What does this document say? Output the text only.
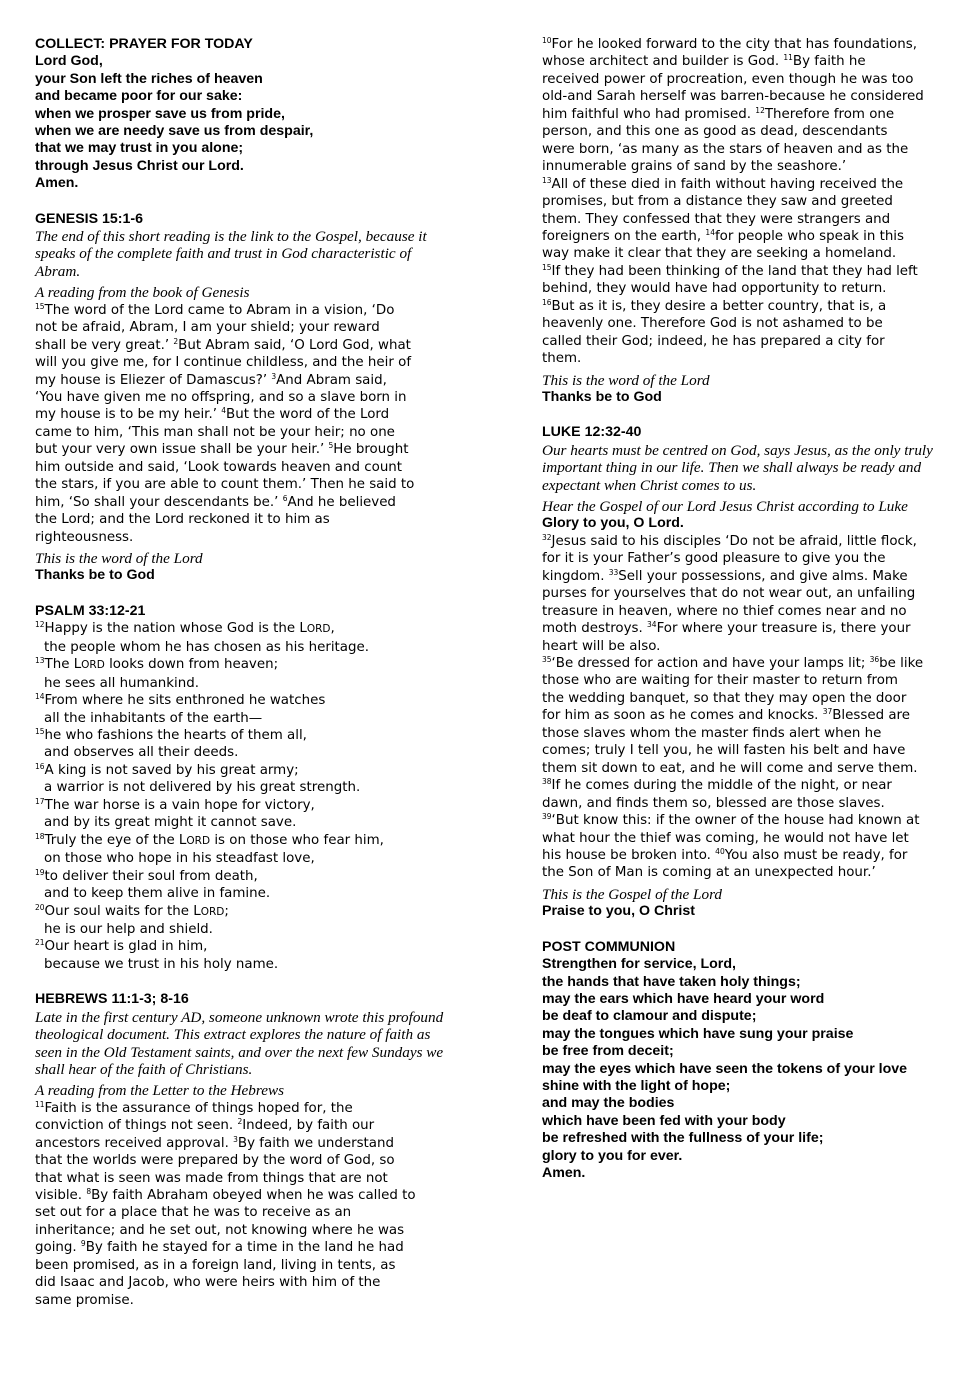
COLLECT: PRAYER FOR TODAY

Lord God,

your Son left the riches of heaven

and became poor for our sake:

when we prosper save us from pride,

when we are needy save us from despair,

that we may trust in you alone;

through Jesus Christ our Lord.

Amen.

GENESIS 15:1-6

The end of this short reading is the link to the Gospel, because it speaks of the complete faith and trust in God characteristic of Abram.

A reading from the book of Genesis

$^{15}$The word of the Lord came to Abram in a vision, ‘Do
not be afraid, Abram, I am your shield; your reward
shall be very great.’ $^2$But Abram said, ‘O Lord God, what
will you give me, for I continue childless, and the heir of
my house is Eliezer of Damascus?’ $^3$And Abram said,
‘You have given me no offspring, and so a slave born in
my house is to be my heir.’ $^4$But the word of the Lord
came to him, ‘This man shall not be your heir; no one
but your very own issue shall be your heir.’ $^5$He brought
him outside and said, ‘Look towards heaven and count
the stars, if you are able to count them.’ Then he said to
him, ‘So shall your descendants be.’ $^6$And he believed
the Lord; and the Lord reckoned it to him as
righteousness.

This is the word of the Lord

Thanks be to God

PSALM 33:12-21

$^{12}$Happy is the nation whose God is the LORD,
the people whom he has chosen as his heritage.
$^{13}$The LORD looks down from heaven;
he sees all humankind.
$^{14}$From where he sits enthroned he watches
all the inhabitants of the earth—
$^{15}$he who fashions the hearts of them all,
and observes all their deeds.
$^{16}$A king is not saved by his great army;
a warrior is not delivered by his great strength.
$^{17}$The war horse is a vain hope for victory,
and by its great might it cannot save.
$^{18}$Truly the eye of the LORD is on those who fear him,
on those who hope in his steadfast love,
$^{19}$to deliver their soul from death,
and to keep them alive in famine.
$^{20}$Our soul waits for the LORD;
he is our help and shield.
$^{21}$Our heart is glad in him,
because we trust in his holy name.

HEBREWS 11:1-3; 8-16

Late in the first century AD, someone unknown wrote this profound theological document. This extract explores the nature of faith as seen in the Old Testament saints, and over the next few Sundays we shall hear of the faith of Christians.

A reading from the Letter to the Hebrews

$^{11}$Faith is the assurance of things hoped for, the
conviction of things not seen. $^2$Indeed, by faith our
ancestors received approval. $^3$By faith we understand
that the worlds were prepared by the word of God, so
that what is seen was made from things that are not
visible. $^8$By faith Abraham obeyed when he was called to
set out for a place that he was to receive as an
inheritance; and he set out, not knowing where he was
going. $^9$By faith he stayed for a time in the land he had
been promised, as in a foreign land, living in tents, as
did Isaac and Jacob, who were heirs with him of the
same promise.
$^{10}$For he looked forward to the city that has foundations,
whose architect and builder is God. $^{11}$By faith he
received power of procreation, even though he was too
old-and Sarah herself was barren-because he considered
him faithful who had promised. $^{12}$Therefore from one
person, and this one as good as dead, descendants
were born, ‘as many as the stars of heaven and as the
innumerable grains of sand by the seashore.’
$^{13}$All of these died in faith without having received the
promises, but from a distance they saw and greeted
them. They confessed that they were strangers and
foreigners on the earth, $^{14}$for people who speak in this
way make it clear that they are seeking a homeland.
$^{15}$If they had been thinking of the land that they had left
behind, they would have had opportunity to return.
$^{16}$But as it is, they desire a better country, that is, a
heavenly one. Therefore God is not ashamed to be
called their God; indeed, he has prepared a city for
them.

This is the word of the Lord

Thanks be to God

LUKE 12:32-40

Our hearts must be centred on God, says Jesus, as the only truly important thing in our life. Then we shall always be ready and expectant when Christ comes to us.

Hear the Gospel of our Lord Jesus Christ according to Luke

Glory to you, O Lord.

$^{32}$Jesus said to his disciples ‘Do not be afraid, little flock,
for it is your Father’s good pleasure to give you the
kingdom. $^{33}$Sell your possessions, and give alms. Make
purses for yourselves that do not wear out, an unfailing
treasure in heaven, where no thief comes near and no
moth destroys. $^{34}$For where your treasure is, there your
heart will be also.
$^{35}$‘Be dressed for action and have your lamps lit; $^{36}$be like
those who are waiting for their master to return from
the wedding banquet, so that they may open the door
for him as soon as he comes and knocks. $^{37}$Blessed are
those slaves whom the master finds alert when he
comes; truly I tell you, he will fasten his belt and have
them sit down to eat, and he will come and serve them.
$^{38}$If he comes during the middle of the night, or near
dawn, and finds them so, blessed are those slaves.
$^{39}$‘But know this: if the owner of the house had known at
what hour the thief was coming, he would not have let
his house be broken into. $^{40}$You also must be ready, for
the Son of Man is coming at an unexpected hour.’

This is the Gospel of the Lord

Praise to you, O Christ

POST COMMUNION

Strengthen for service, Lord,

the hands that have taken holy things;

may the ears which have heard your word

be deaf to clamour and dispute;

may the tongues which have sung your praise

be free from deceit;

may the eyes which have seen the tokens of your love

shine with the light of hope;

and may the bodies

which have been fed with your body

be refreshed with the fullness of your life;

glory to you for ever.

Amen.
